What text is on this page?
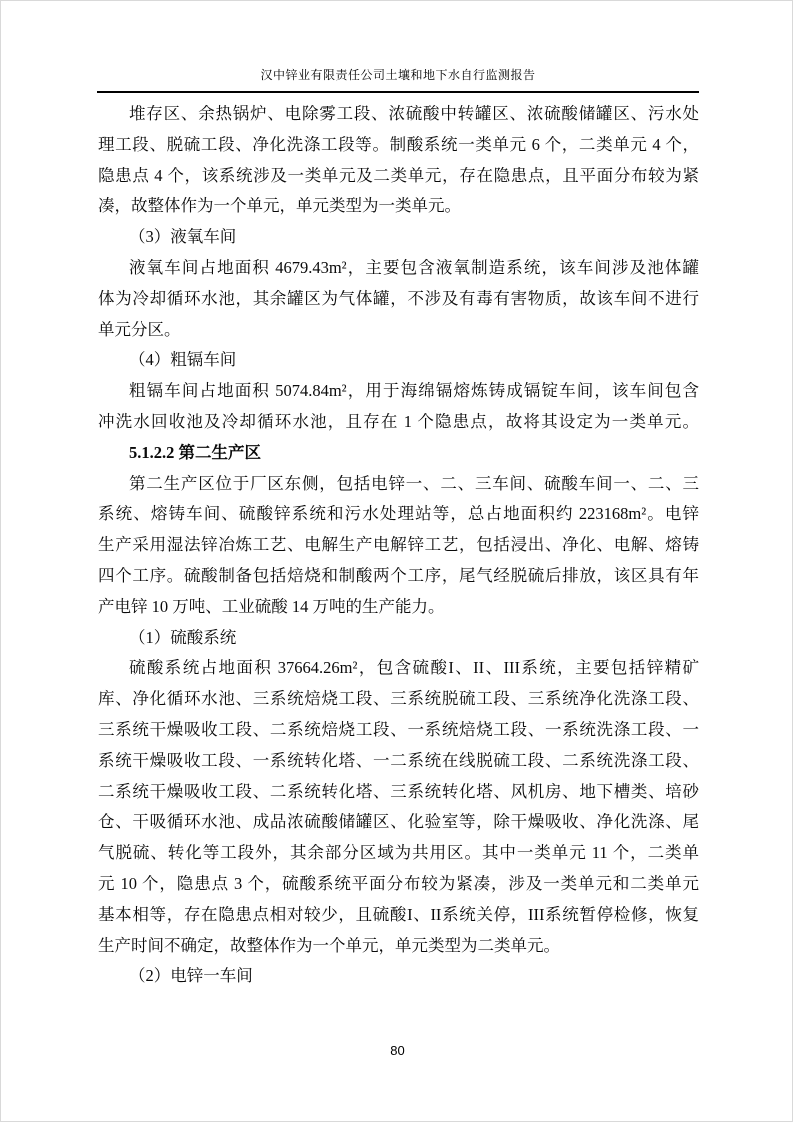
汉中锌业有限责任公司土壤和地下水自行监测报告
堆存区、余热锅炉、电除雾工段、浓硫酸中转罐区、浓硫酸储罐区、污水处
理工段、脱硫工段、净化洗涤工段等。制酸系统一类单元 6 个，二类单元 4 个，
隐患点 4 个，该系统涉及一类单元及二类单元，存在隐患点，且平面分布较为紧
凑，故整体作为一个单元，单元类型为一类单元。
（3）液氧车间
液氧车间占地面积 4679.43m²，主要包含液氧制造系统，该车间涉及池体罐
体为冷却循环水池，其余罐区为气体罐，不涉及有毒有害物质，故该车间不进行
单元分区。
（4）粗镉车间
粗镉车间占地面积 5074.84m²，用于海绵镉熔炼铸成镉锭车间，该车间包含
冲洗水回收池及冷却循环水池，且存在 1 个隐患点，故将其设定为一类单元。
5.1.2.2 第二生产区
第二生产区位于厂区东侧，包括电锌一、二、三车间、硫酸车间一、二、三
系统、熔铸车间、硫酸锌系统和污水处理站等，总占地面积约 223168m²。电锌
生产采用湿法锌冶炼工艺、电解生产电解锌工艺，包括浸出、净化、电解、熔铸
四个工序。硫酸制备包括焙烧和制酸两个工序，尾气经脱硫后排放，该区具有年
产电锌 10 万吨、工业硫酸 14 万吨的生产能力。
（1）硫酸系统
硫酸系统占地面积 37664.26m²，包含硫酸I、II、III系统，主要包括锌精矿
库、净化循环水池、三系统焙烧工段、三系统脱硫工段、三系统净化洗涤工段、
三系统干燥吸收工段、二系统焙烧工段、一系统焙烧工段、一系统洗涤工段、一
系统干燥吸收工段、一系统转化塔、一二系统在线脱硫工段、二系统洗涤工段、
二系统干燥吸收工段、二系统转化塔、三系统转化塔、风机房、地下槽类、培砂
仓、干吸循环水池、成品浓硫酸储罐区、化验室等，除干燥吸收、净化洗涤、尾
气脱硫、转化等工段外，其余部分区域为共用区。其中一类单元 11 个，二类单
元 10 个，隐患点 3 个，硫酸系统平面分布较为紧凑，涉及一类单元和二类单元
基本相等，存在隐患点相对较少，且硫酸I、II系统关停，III系统暂停检修，恢复
生产时间不确定，故整体作为一个单元，单元类型为二类单元。
（2）电锌一车间
80
